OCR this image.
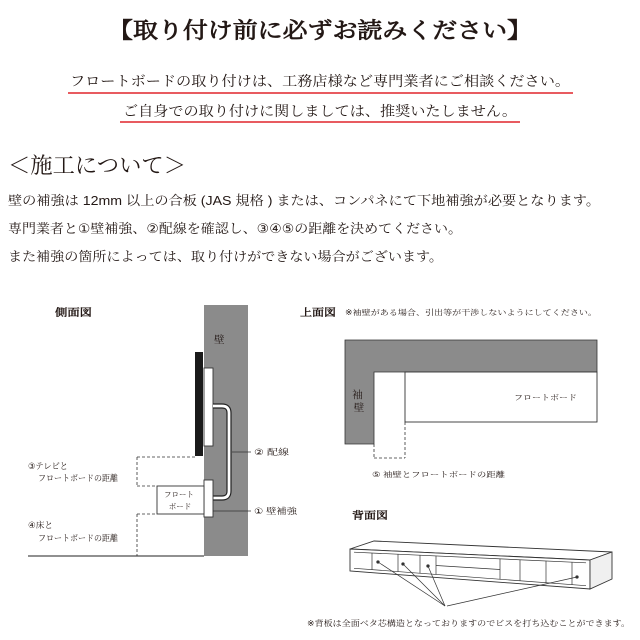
【取り付け前に必ずお読みください】
フロートボードの取り付けは、工務店様など専門業者にご相談ください。
ご自身での取り付けに関しましては、推奨いたしません。
＜施工について＞
壁の補強は 12mm 以上の合板 (JAS 規格 ) または、コンパネにて下地補強が必要となります。
専門業者と①壁補強、②配線を確認し、③④⑤の距離を決めてください。
また補強の箇所によっては、取り付けができない場合がございます。
側面図
壁
② 配線
フロート ボード	① 壁補強
③テレビと フロートボードの距離
④床と フロートボードの距離
上面図	※袖壁がある場合、引出等が干渉しないようにしてください。
袖 壁
フロートボード
⑤ 袖壁とフロートボードの距離
背面図
※背板は全面ベタ芯構造となっておりますのでビスを打ち込むことができます。
